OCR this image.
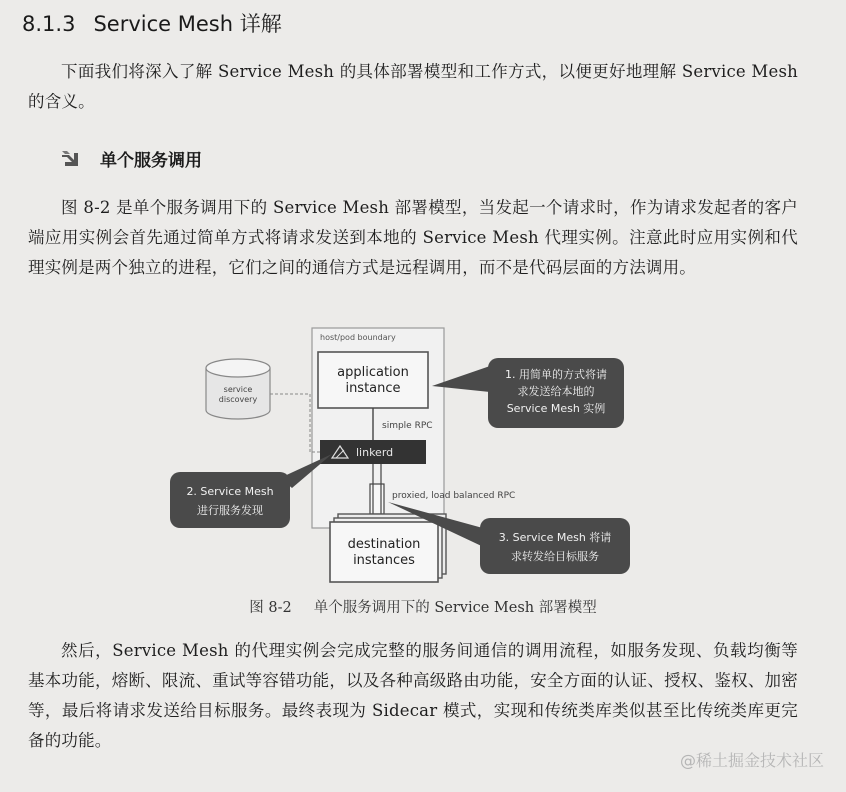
8.1.3 Service Mesh 详解
下面我们将深入了解 Service Mesh 的具体部署模型和工作方式，以便更好地理解 Service Mesh 的含义。
单个服务调用
图 8-2 是单个服务调用下的 Service Mesh 部署模型，当发起一个请求时，作为请求发起者的客户端应用实例会首先通过简单方式将请求发送到本地的 Service Mesh 代理实例。注意此时应用实例和代理实例是两个独立的进程，它们之间的通信方式是远程调用，而不是代码层面的方法调用。
host/pod boundary
application
instance
simple RPC
linkerd
service
discovery
proxied, load balanced RPC
destination
instances
1. 用简单的方式将请
求发送给本地的
Service Mesh 实例
2. Service Mesh
进行服务发现
3. Service Mesh 将请
求转发给目标服务
图 8-2 单个服务调用下的 Service Mesh 部署模型
然后，Service Mesh 的代理实例会完成完整的服务间通信的调用流程，如服务发现、负载均衡等基本功能，熔断、限流、重试等容错功能，以及各种高级路由功能，安全方面的认证、授权、鉴权、加密等，最后将请求发送给目标服务。最终表现为 Sidecar 模式，实现和传统类库类似甚至比传统类库更完备的功能。
@稀土掘金技术社区
